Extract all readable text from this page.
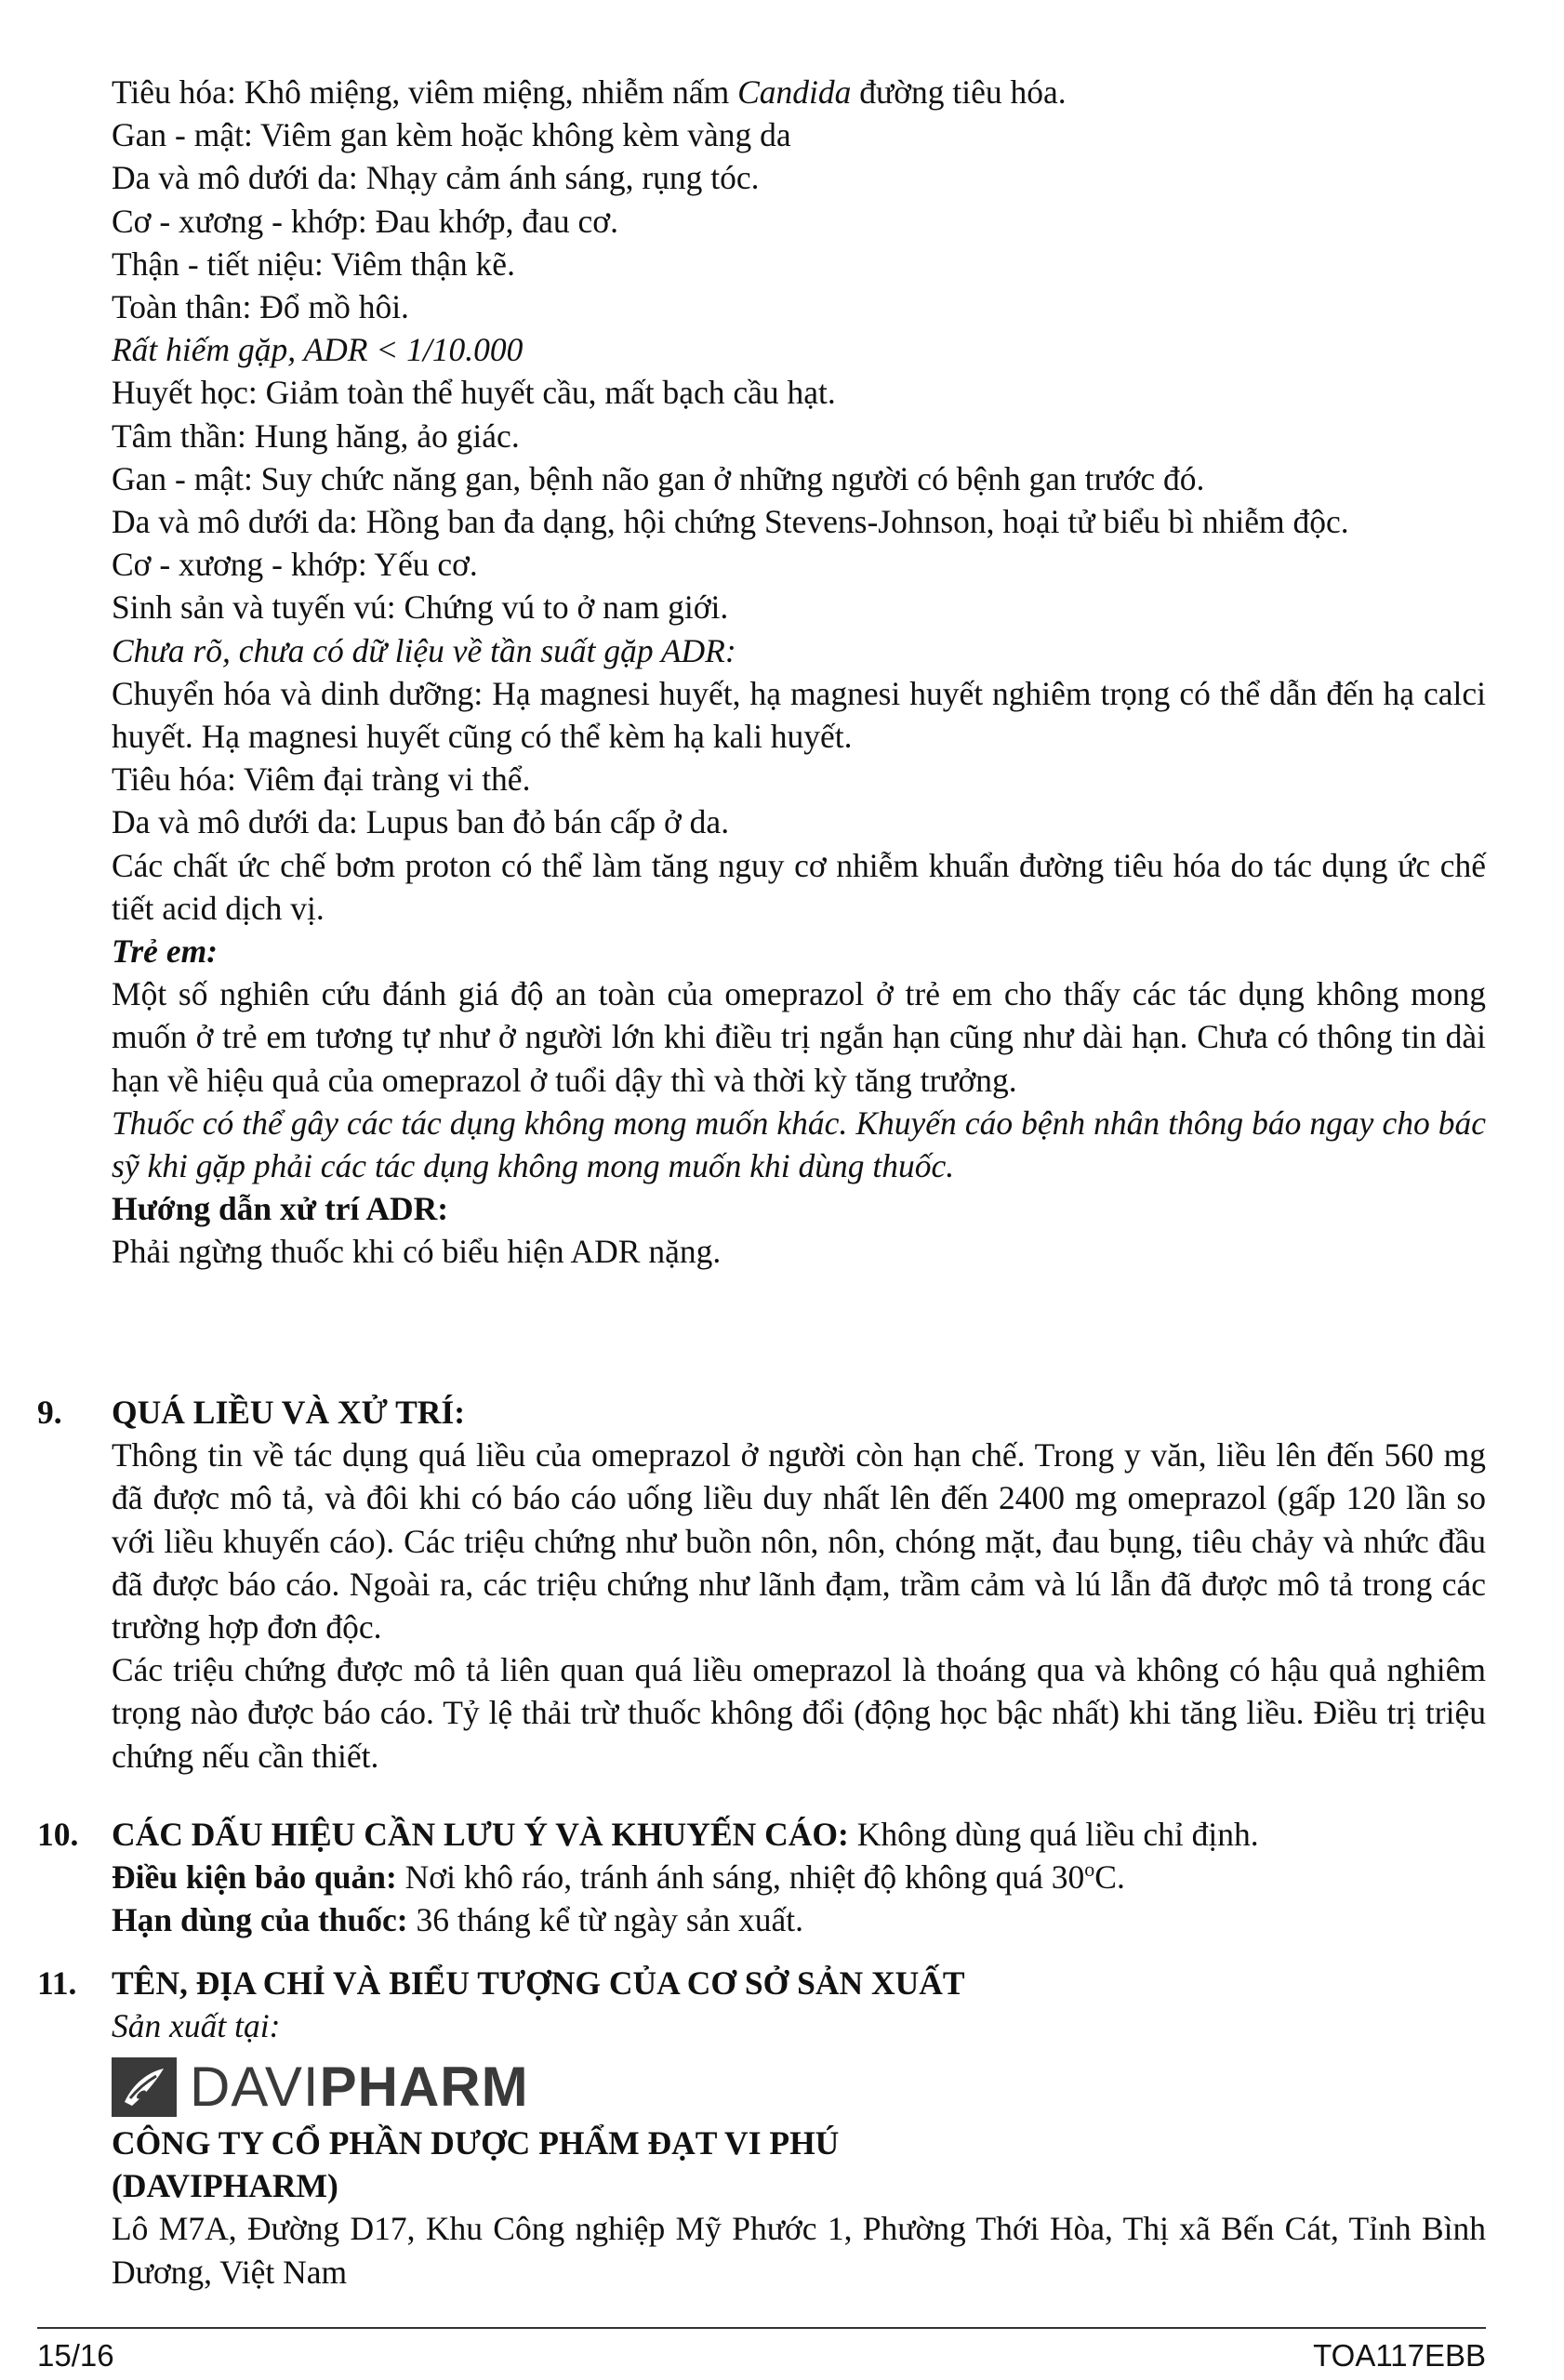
Tiêu hóa: Khô miệng, viêm miệng, nhiễm nấm Candida đường tiêu hóa.
Gan - mật: Viêm gan kèm hoặc không kèm vàng da
Da và mô dưới da: Nhạy cảm ánh sáng, rụng tóc.
Cơ - xương - khớp: Đau khớp, đau cơ.
Thận - tiết niệu: Viêm thận kẽ.
Toàn thân: Đổ mồ hôi.
Rất hiếm gặp, ADR < 1/10.000
Huyết học: Giảm toàn thể huyết cầu, mất bạch cầu hạt.
Tâm thần: Hung hăng, ảo giác.
Gan - mật: Suy chức năng gan, bệnh não gan ở những người có bệnh gan trước đó.
Da và mô dưới da: Hồng ban đa dạng, hội chứng Stevens-Johnson, hoại tử biểu bì nhiễm độc.
Cơ - xương - khớp: Yếu cơ.
Sinh sản và tuyến vú: Chứng vú to ở nam giới.
Chưa rõ, chưa có dữ liệu về tần suất gặp ADR:
Chuyển hóa và dinh dưỡng: Hạ magnesi huyết, hạ magnesi huyết nghiêm trọng có thể dẫn đến hạ calci huyết. Hạ magnesi huyết cũng có thể kèm hạ kali huyết.
Tiêu hóa: Viêm đại tràng vi thể.
Da và mô dưới da: Lupus ban đỏ bán cấp ở da.
Các chất ức chế bơm proton có thể làm tăng nguy cơ nhiễm khuẩn đường tiêu hóa do tác dụng ức chế tiết acid dịch vị.
Trẻ em:
Một số nghiên cứu đánh giá độ an toàn của omeprazol ở trẻ em cho thấy các tác dụng không mong muốn ở trẻ em tương tự như ở người lớn khi điều trị ngắn hạn cũng như dài hạn. Chưa có thông tin dài hạn về hiệu quả của omeprazol ở tuổi dậy thì và thời kỳ tăng trưởng.
Thuốc có thể gây các tác dụng không mong muốn khác. Khuyến cáo bệnh nhân thông báo ngay cho bác sỹ khi gặp phải các tác dụng không mong muốn khi dùng thuốc.
Hướng dẫn xử trí ADR:
Phải ngừng thuốc khi có biểu hiện ADR nặng.
9. QUÁ LIỀU VÀ XỬ TRÍ:
Thông tin về tác dụng quá liều của omeprazol ở người còn hạn chế. Trong y văn, liều lên đến 560 mg đã được mô tả, và đôi khi có báo cáo uống liều duy nhất lên đến 2400 mg omeprazol (gấp 120 lần so với liều khuyến cáo). Các triệu chứng như buồn nôn, nôn, chóng mặt, đau bụng, tiêu chảy và nhức đầu đã được báo cáo. Ngoài ra, các triệu chứng như lãnh đạm, trầm cảm và lú lẫn đã được mô tả trong các trường hợp đơn độc.
Các triệu chứng được mô tả liên quan quá liều omeprazol là thoáng qua và không có hậu quả nghiêm trọng nào được báo cáo. Tỷ lệ thải trừ thuốc không đổi (động học bậc nhất) khi tăng liều. Điều trị triệu chứng nếu cần thiết.
10. CÁC DẤU HIỆU CẦN LƯU Ý VÀ KHUYẾN CÁO: Không dùng quá liều chỉ định.
Điều kiện bảo quản: Nơi khô ráo, tránh ánh sáng, nhiệt độ không quá 30$^o$C.
Hạn dùng của thuốc: 36 tháng kể từ ngày sản xuất.
11. TÊN, ĐỊA CHỈ VÀ BIỂU TƯỢNG CỦA CƠ SỞ SẢN XUẤT
Sản xuất tại:
DAVIPHARM
CÔNG TY CỔ PHẦN DƯỢC PHẨM ĐẠT VI PHÚ
(DAVIPHARM)
Lô M7A, Đường D17, Khu Công nghiệp Mỹ Phước 1, Phường Thới Hòa, Thị xã Bến Cát, Tỉnh Bình Dương, Việt Nam
15/16	TOA117EBB
